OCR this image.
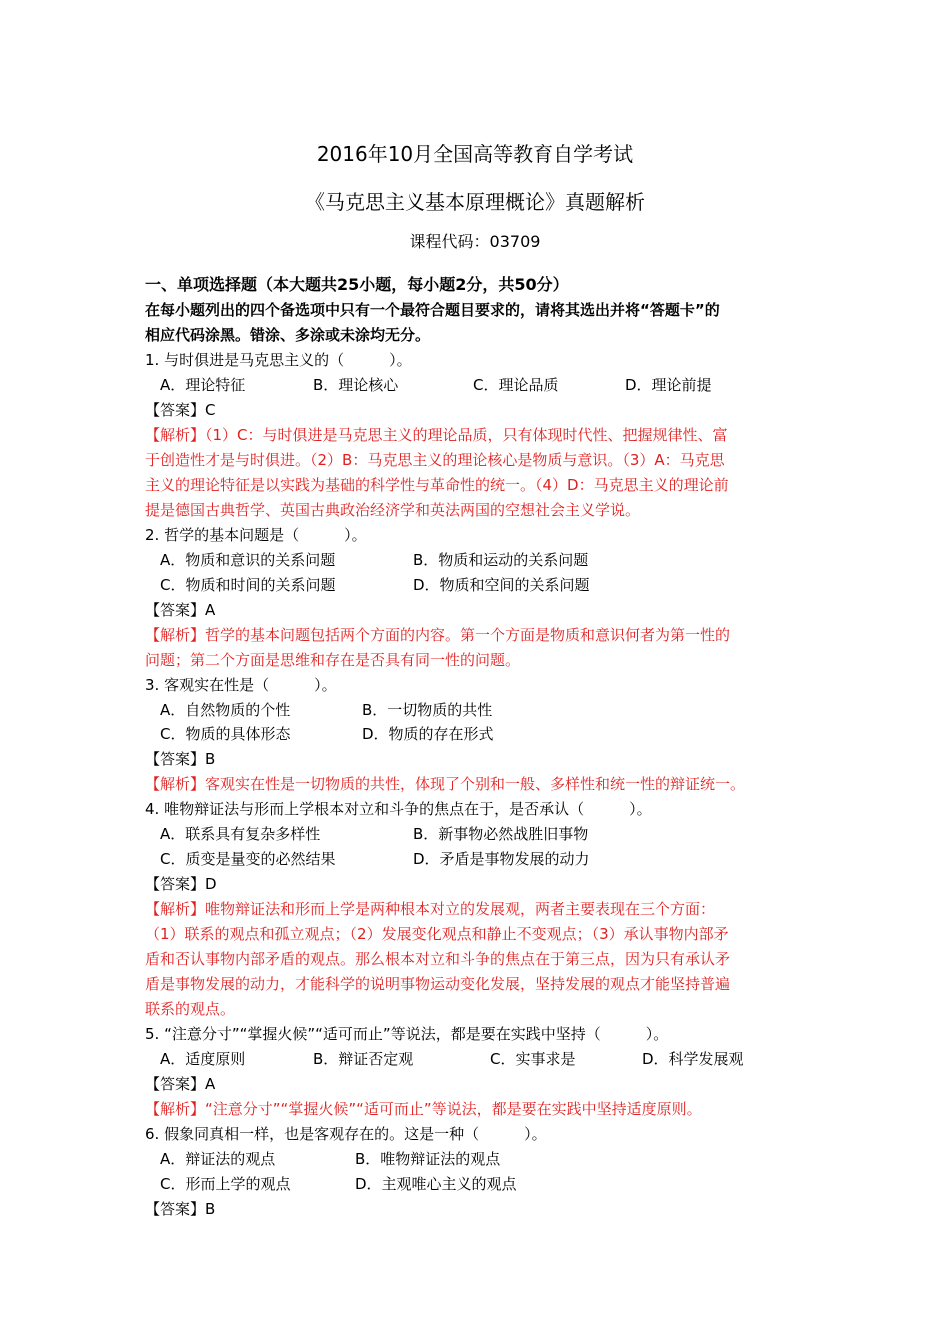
2016年10月全国高等教育自学考试
《马克思主义基本原理概论》真题解析
课程代码：03709
一、单项选择题（本大题共25小题，每小题2分，共50分）
在每小题列出的四个备选项中只有一个最符合题目要求的，请将其选出并将“答题卡”的
相应代码涂黑。错涂、多涂或未涂均无分。
1. 与时俱进是马克思主义的（　　　）。
A．理论特征	B．理论核心	C．理论品质	D．理论前提
【答案】C
【解析】（1）C：与时俱进是马克思主义的理论品质，只有体现时代性、把握规律性、富
于创造性才是与时俱进。（2）B：马克思主义的理论核心是物质与意识。（3）A：马克思
主义的理论特征是以实践为基础的科学性与革命性的统一。（4）D：马克思主义的理论前
提是德国古典哲学、英国古典政治经济学和英法两国的空想社会主义学说。
2. 哲学的基本问题是（　　　）。
A．物质和意识的关系问题	B．物质和运动的关系问题
C．物质和时间的关系问题	D．物质和空间的关系问题
【答案】A
【解析】哲学的基本问题包括两个方面的内容。第一个方面是物质和意识何者为第一性的
问题；第二个方面是思维和存在是否具有同一性的问题。
3. 客观实在性是（　　　）。
A．自然物质的个性	B．一切物质的共性
C．物质的具体形态	D．物质的存在形式
【答案】B
【解析】客观实在性是一切物质的共性，体现了个别和一般、多样性和统一性的辩证统一。
4. 唯物辩证法与形而上学根本对立和斗争的焦点在于，是否承认（　　　）。
A．联系具有复杂多样性	B．新事物必然战胜旧事物
C．质变是量变的必然结果	D．矛盾是事物发展的动力
【答案】D
【解析】唯物辩证法和形而上学是两种根本对立的发展观，两者主要表现在三个方面：
（1）联系的观点和孤立观点；（2）发展变化观点和静止不变观点；（3）承认事物内部矛
盾和否认事物内部矛盾的观点。那么根本对立和斗争的焦点在于第三点，因为只有承认矛
盾是事物发展的动力，才能科学的说明事物运动变化发展，坚持发展的观点才能坚持普遍
联系的观点。
5. “注意分寸”“掌握火候”“适可而止”等说法，都是要在实践中坚持（　　　）。
A．适度原则	B．辩证否定观	C．实事求是	D．科学发展观
【答案】A
【解析】“注意分寸”“掌握火候”“适可而止”等说法，都是要在实践中坚持适度原则。
6. 假象同真相一样，也是客观存在的。这是一种（　　　）。
A．辩证法的观点	B．唯物辩证法的观点
C．形而上学的观点	D．主观唯心主义的观点
【答案】B
